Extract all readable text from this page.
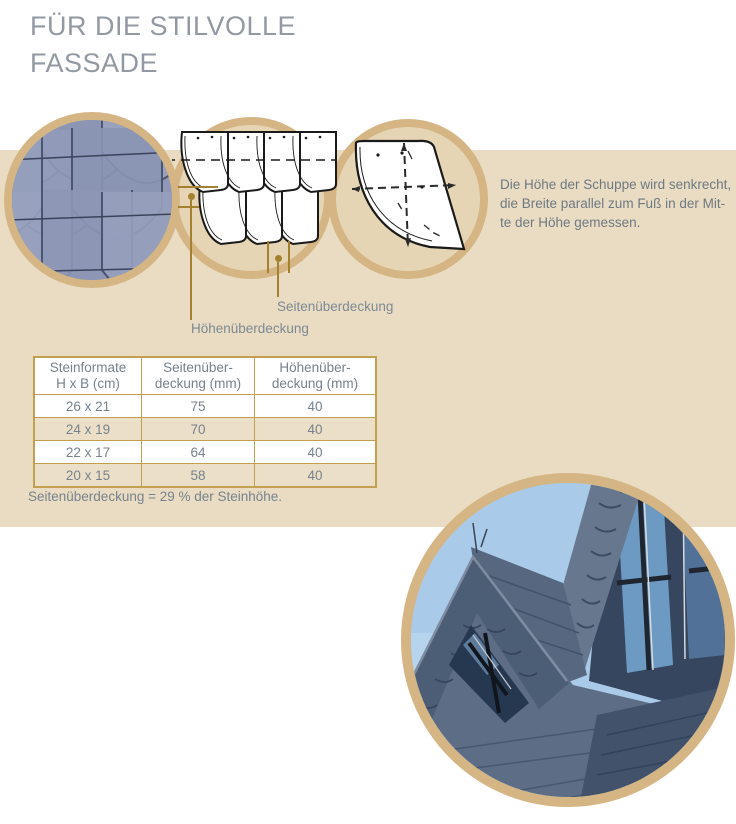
FÜR DIE STILVOLLE
FASSADE
Seitenüberdeckung
Höhenüberdeckung
Die Höhe der Schuppe wird senkrecht,
die Breite parallel zum Fuß in der Mit-
te der Höhe gemessen.
Steinformate
H x B (cm)

Seitenüber-
deckung (mm)

Höhenüber-
deckung (mm)

26 x 21	75	40
24 x 19	70	40
22 x 17	64	40
20 x 15	58	40
Seitenüberdeckung = 29 % der Steinhöhe.
